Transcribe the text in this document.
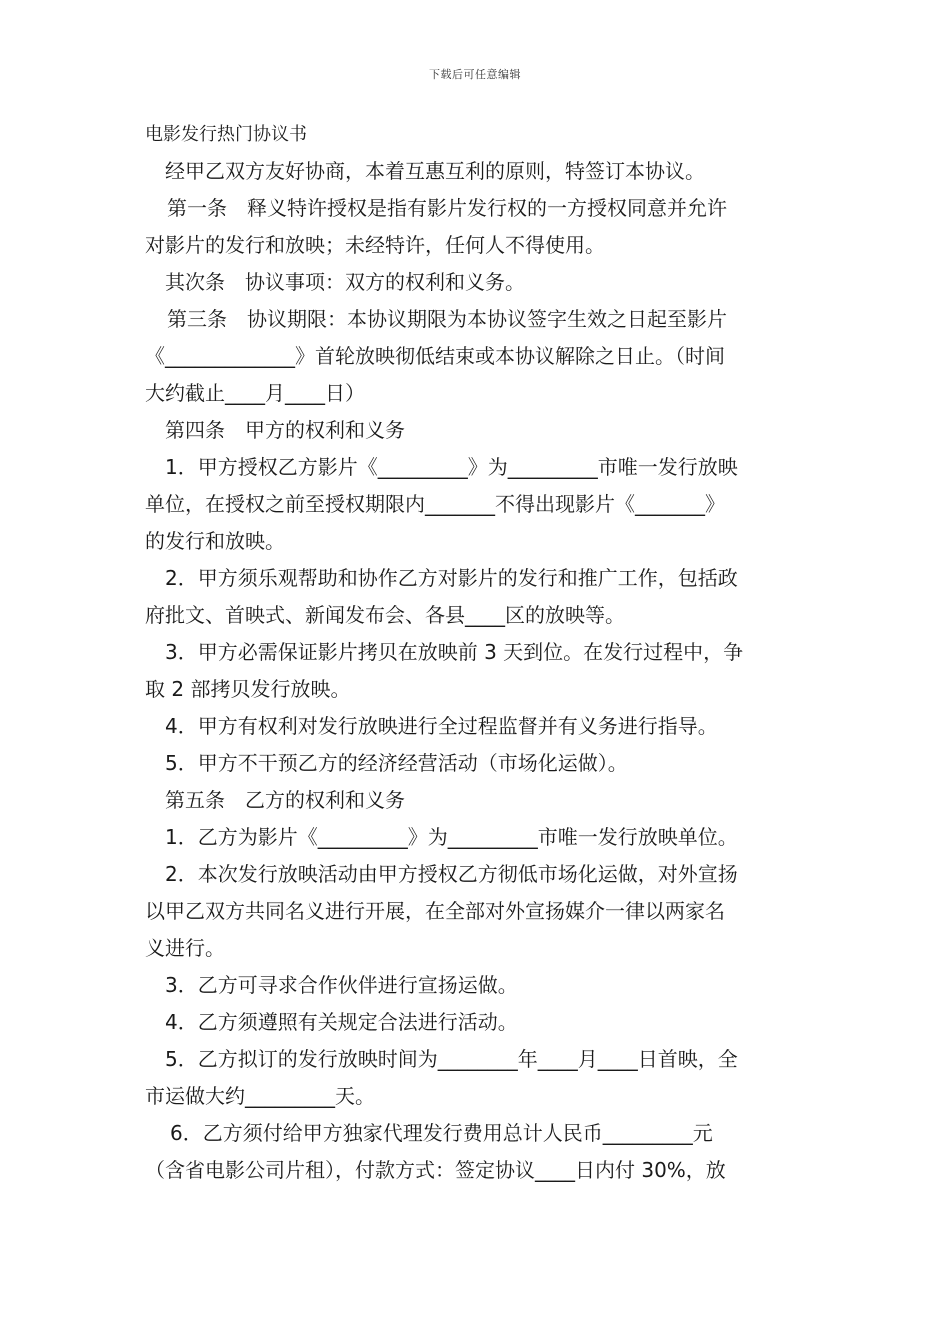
下载后可任意编辑
电影发行热门协议书
经甲乙双方友好协商，本着互惠互利的原则，特签订本协议。
第一条　释义特许授权是指有影片发行权的一方授权同意并允许
对影片的发行和放映；未经特许，任何人不得使用。
其次条　协议事项：双方的权利和义务。
第三条　协议期限：本协议期限为本协议签字生效之日起至影片
《_____________》首轮放映彻低结束或本协议解除之日止。（时间
大约截止____月____日）
第四条　甲方的权利和义务
1．甲方授权乙方影片《_________》为_________市唯一发行放映
单位，在授权之前至授权期限内_______不得出现影片《_______》
的发行和放映。
2．甲方须乐观帮助和协作乙方对影片的发行和推广工作，包括政
府批文、首映式、新闻发布会、各县____区的放映等。
3．甲方必需保证影片拷贝在放映前 3 天到位。在发行过程中，争
取 2 部拷贝发行放映。
4．甲方有权利对发行放映进行全过程监督并有义务进行指导。
5．甲方不干预乙方的经济经营活动（市场化运做）。
第五条　乙方的权利和义务
1．乙方为影片《_________》为_________市唯一发行放映单位。
2．本次发行放映活动由甲方授权乙方彻低市场化运做，对外宣扬
以甲乙双方共同名义进行开展，在全部对外宣扬媒介一律以两家名
义进行。
3．乙方可寻求合作伙伴进行宣扬运做。
4．乙方须遵照有关规定合法进行活动。
5．乙方拟订的发行放映时间为________年____月____日首映，全
市运做大约_________天。
6．乙方须付给甲方独家代理发行费用总计人民币_________元
（含省电影公司片租），付款方式：签定协议____日内付 30%，放
